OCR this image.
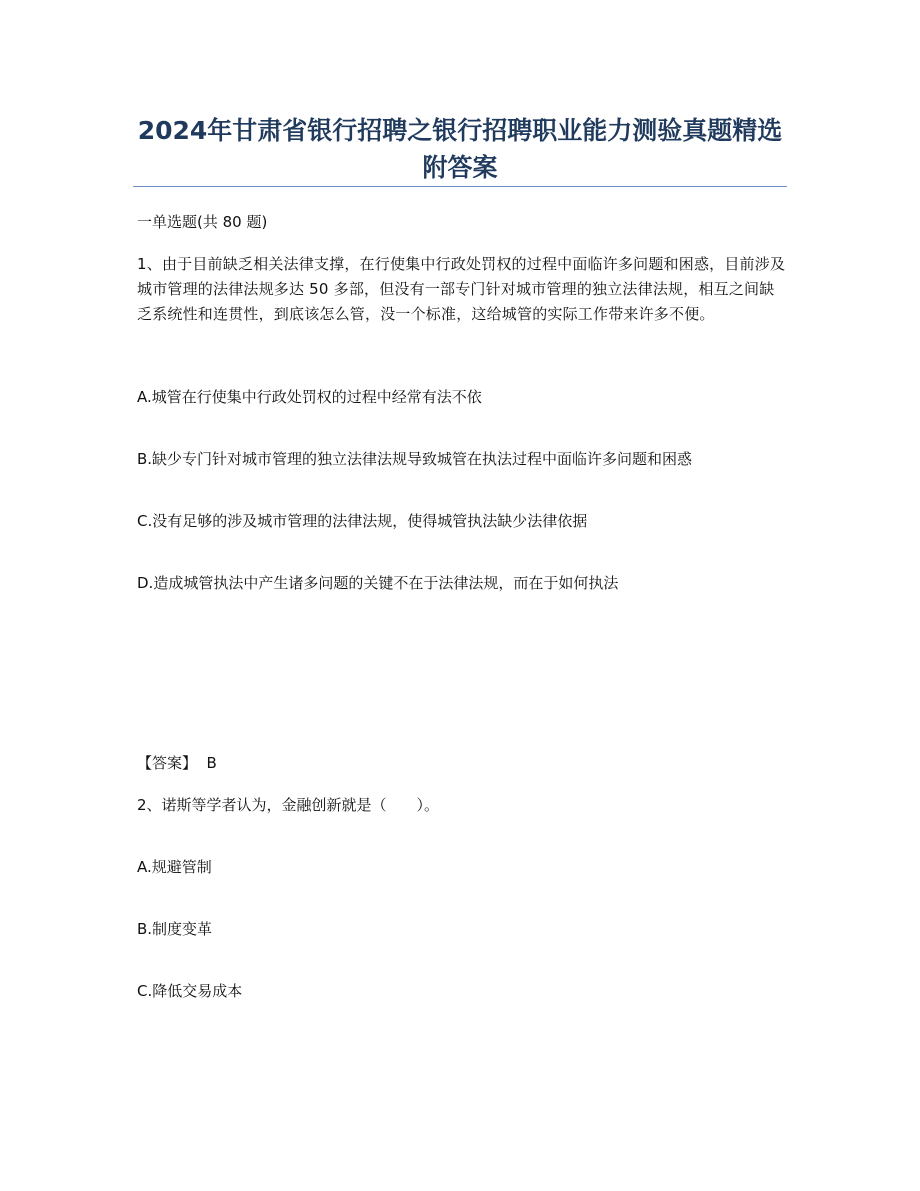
2024年甘肃省银行招聘之银行招聘职业能力测验真题精选附答案
一单选题(共 80 题)
1、由于目前缺乏相关法律支撑，在行使集中行政处罚权的过程中面临许多问题和困惑，目前涉及城市管理的法律法规多达 50 多部，但没有一部专门针对城市管理的独立法律法规，相互之间缺乏系统性和连贯性，到底该怎么管，没一个标准，这给城管的实际工作带来许多不便。
A.城管在行使集中行政处罚权的过程中经常有法不依
B.缺少专门针对城市管理的独立法律法规导致城管在执法过程中面临许多问题和困惑
C.没有足够的涉及城市管理的法律法规，使得城管执法缺少法律依据
D.造成城管执法中产生诸多问题的关键不在于法律法规，而在于如何执法
【答案】  B
2、诺斯等学者认为，金融创新就是（　　）。
A.规避管制
B.制度变革
C.降低交易成本
